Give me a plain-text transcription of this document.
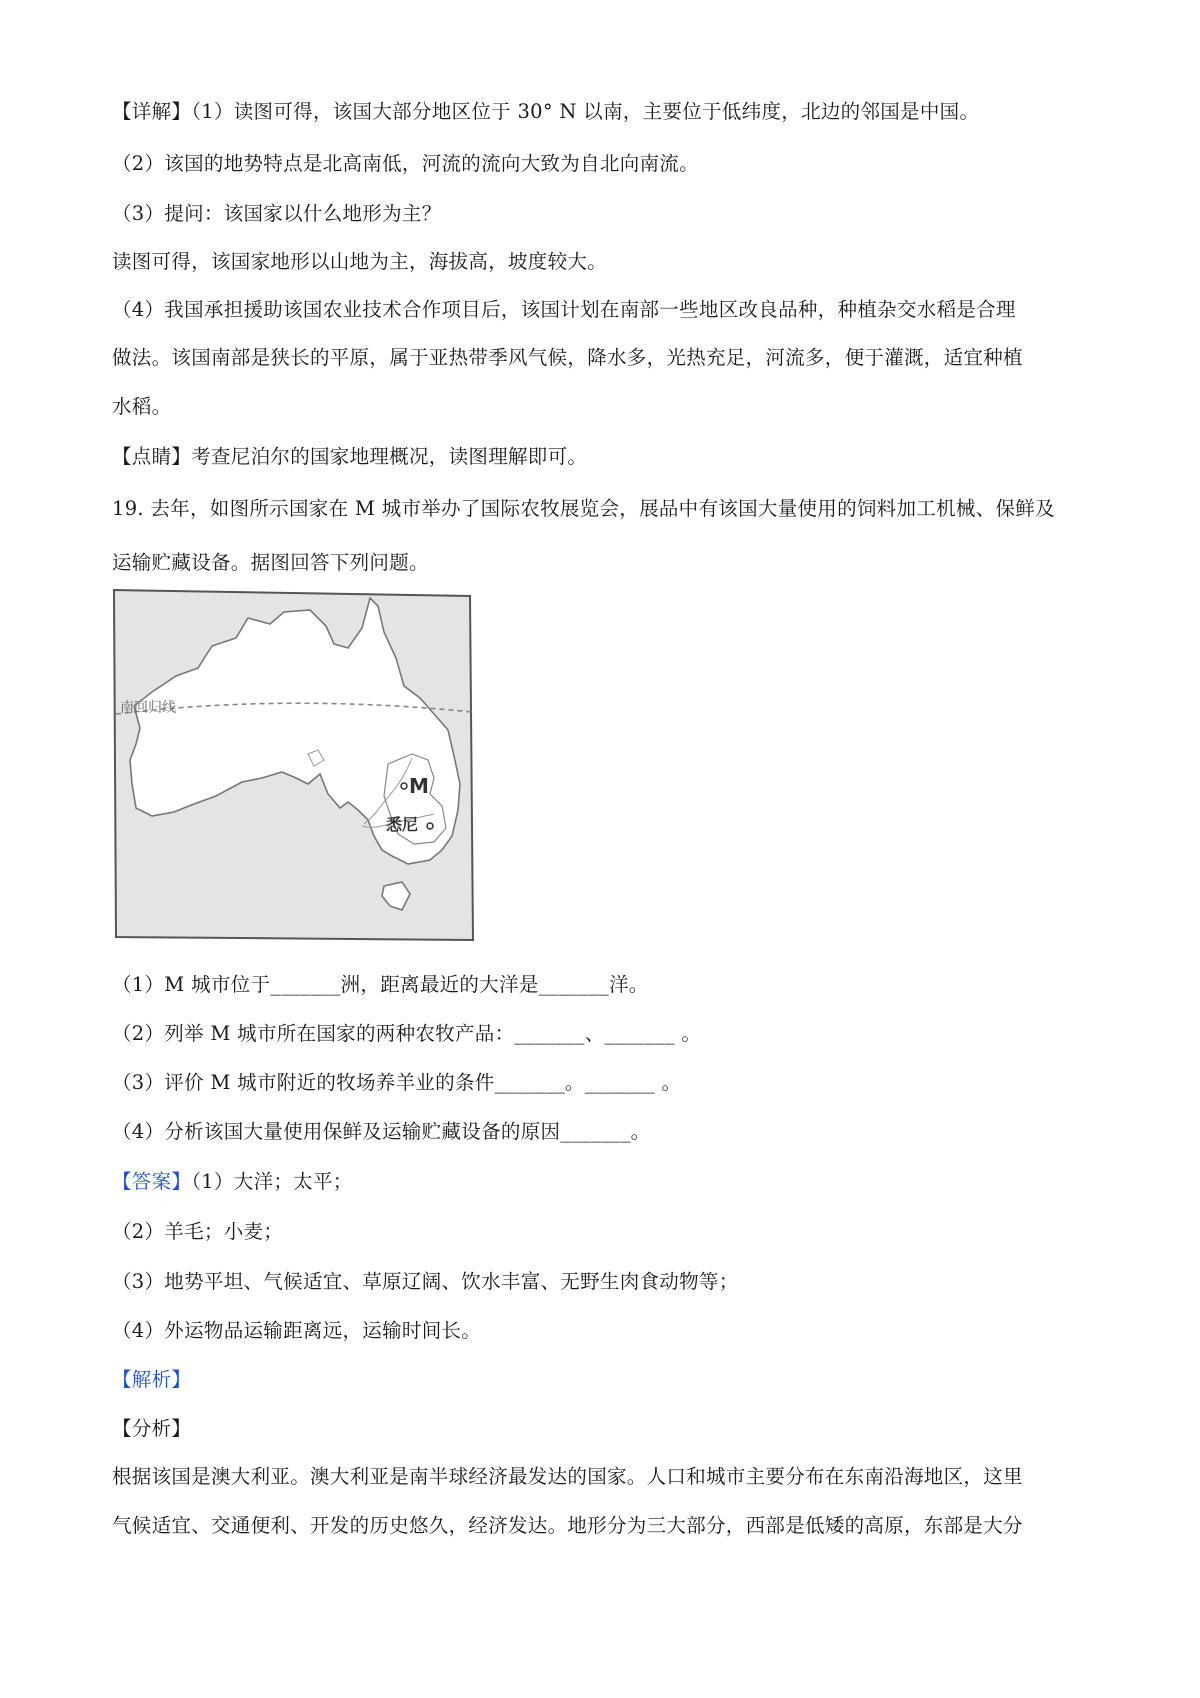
【详解】（1）读图可得，该国大部分地区位于 30° N 以南，主要位于低纬度，北边的邻国是中国。
（2）该国的地势特点是北高南低，河流的流向大致为自北向南流。
（3）提问：该国家以什么地形为主？
读图可得，该国家地形以山地为主，海拔高，坡度较大。
（4）我国承担援助该国农业技术合作项目后，该国计划在南部一些地区改良品种，种植杂交水稻是合理
做法。该国南部是狭长的平原，属于亚热带季风气候，降水多，光热充足，河流多，便于灌溉，适宜种植
水稻。
【点睛】考查尼泊尔的国家地理概况，读图理解即可。
19. 去年，如图所示国家在 M 城市举办了国际农牧展览会，展品中有该国大量使用的饲料加工机械、保鲜及
运输贮藏设备。据图回答下列问题。
南回归线
M
悉尼
（1）M 城市位于_______洲，距离最近的大洋是_______洋。
（2）列举 M 城市所在国家的两种农牧产品：_______、_______ 。
（3）评价 M 城市附近的牧场养羊业的条件_______。_______ 。
（4）分析该国大量使用保鲜及运输贮藏设备的原因_______。
【答案】（1）大洋；太平；
（2）羊毛；小麦；
（3）地势平坦、气候适宜、草原辽阔、饮水丰富、无野生肉食动物等；
（4）外运物品运输距离远，运输时间长。
【解析】
【分析】
根据该国是澳大利亚。澳大利亚是南半球经济最发达的国家。人口和城市主要分布在东南沿海地区，这里
气候适宜、交通便利、开发的历史悠久，经济发达。地形分为三大部分，西部是低矮的高原，东部是大分
